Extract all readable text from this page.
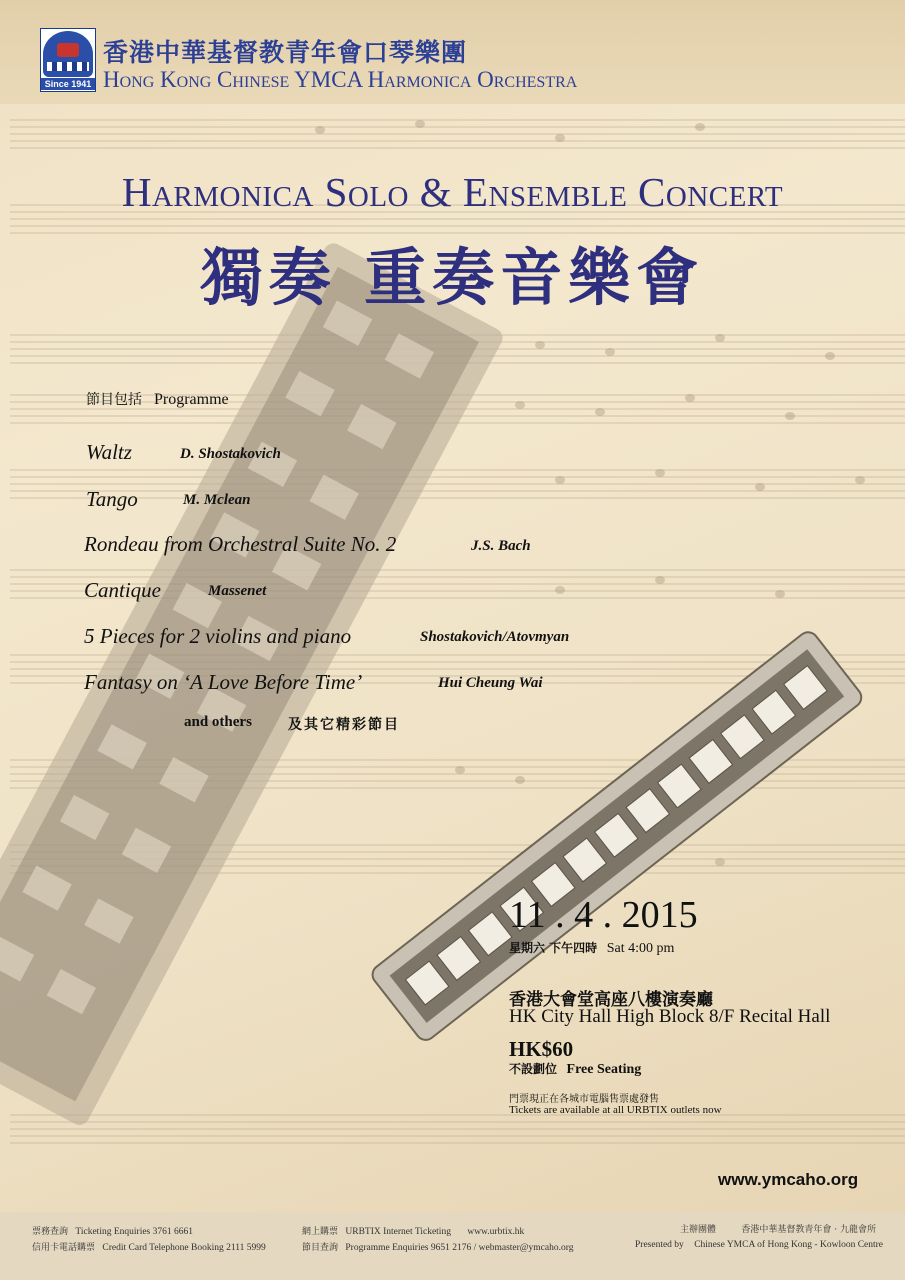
Since 1941
香港中華基督教青年會口琴樂團
Hong Kong Chinese YMCA Harmonica Orchestra
Harmonica Solo & Ensemble Concert
獨奏 重奏音樂會
節目包括 Programme
Waltz	D. Shostakovich
Tango	M. Mclean
Rondeau from Orchestral Suite No. 2	J.S. Bach
Cantique	Massenet
5 Pieces for 2 violins and piano	Shostakovich/Atovmyan
Fantasy on ‘A Love Before Time’	Hui Cheung Wai
and others	及其它精彩節目
11 . 4 . 2015
星期六 下午四時 Sat 4:00 pm
香港大會堂高座八樓演奏廳
HK City Hall High Block 8/F Recital Hall
HK$60
不設劃位 Free Seating
門票現正在各城市電腦售票處發售
Tickets are available at all URBTIX outlets now
www.ymcaho.org
票務查詢 Ticketing Enquiries 3761 6661
信用卡電話購票 Credit Card Telephone Booking 2111 5999
網上購票 URBTIX Internet Ticketing www.urbtix.hk
節目查詢 Programme Enquiries 9651 2176 / webmaster@ymcaho.org
主辦團體	香港中華基督教青年會 · 九龍會所
Presented by Chinese YMCA of Hong Kong - Kowloon Centre
